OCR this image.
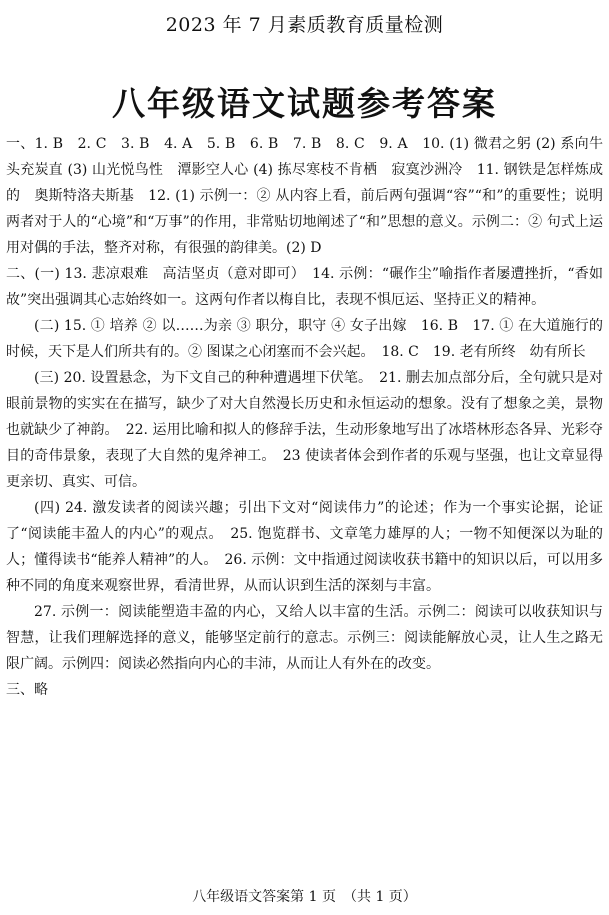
2023 年 7 月素质教育质量检测
八年级语文试题参考答案

一、1. B　2. C　3. B　4. A　5. B　6. B　7. B　8. C　9. A　10. (1) 微君之躬 (2) 系向牛头充炭直 (3) 山光悦鸟性　潭影空人心 (4) 拣尽寒枝不肯栖　寂寞沙洲冷　11. 钢铁是怎样炼成的　奥斯特洛夫斯基　12. (1) 示例一：② 从内容上看，前后两句强调“容”“和”的重要性；说明两者对于人的“心境”和“万事”的作用，非常贴切地阐述了“和”思想的意义。示例二：② 句式上运用对偶的手法，整齐对称，有很强的韵律美。(2) D

二、(一) 13. 悲凉艰难　高洁坚贞（意对即可）　14. 示例：“碾作尘”喻指作者屡遭挫折，“香如故”突出强调其心志始终如一。这两句作者以梅自比，表现不惧厄运、坚持正义的精神。

(二) 15. ① 培养 ② 以……为亲 ③ 职分，职守 ④ 女子出嫁　16. B　17. ① 在大道施行的时候，天下是人们所共有的。② 图谋之心闭塞而不会兴起。　18. C　19. 老有所终　幼有所长

(三) 20. 设置悬念，为下文自己的种种遭遇埋下伏笔。　21. 删去加点部分后，全句就只是对眼前景物的实实在在描写，缺少了对大自然漫长历史和永恒运动的想象。没有了想象之美，景物也就缺少了神韵。　22. 运用比喻和拟人的修辞手法，生动形象地写出了冰塔林形态各异、光彩夺目的奇伟景象，表现了大自然的鬼斧神工。　23 使读者体会到作者的乐观与坚强，也让文章显得更亲切、真实、可信。

(四) 24. 激发读者的阅读兴趣；引出下文对“阅读伟力”的论述；作为一个事实论据，论证了“阅读能丰盈人的内心”的观点。　25. 饱览群书、文章笔力雄厚的人；一物不知便深以为耻的人；懂得读书“能养人精神”的人。　26. 示例：文中指通过阅读收获书籍中的知识以后，可以用多种不同的角度来观察世界，看清世界，从而认识到生活的深刻与丰富。

27. 示例一：阅读能塑造丰盈的内心，又给人以丰富的生活。示例二：阅读可以收获知识与智慧，让我们理解选择的意义，能够坚定前行的意志。示例三：阅读能解放心灵，让人生之路无限广阔。示例四：阅读必然指向内心的丰沛，从而让人有外在的改变。

三、略

八年级语文答案第 1 页　（共 1 页）
